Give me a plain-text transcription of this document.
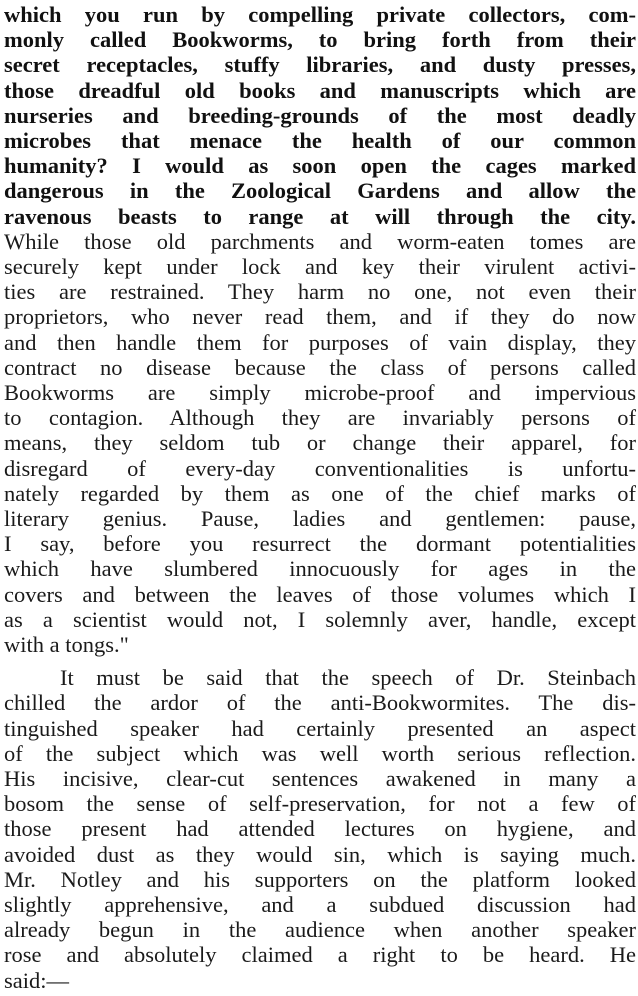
which you run by compelling private collectors, com-
monly called Bookworms, to bring forth from their
secret receptacles, stuffy libraries, and dusty presses,
those dreadful old books and manuscripts which are
nurseries and breeding-grounds of the most deadly
microbes that menace the health of our common
humanity? I would as soon open the cages marked
dangerous in the Zoological Gardens and allow the
ravenous beasts to range at will through the city.
While those old parchments and worm-eaten tomes are
securely kept under lock and key their virulent activi-
ties are restrained. They harm no one, not even their
proprietors, who never read them, and if they do now
and then handle them for purposes of vain display, they
contract no disease because the class of persons called
Bookworms are simply microbe-proof and impervious
to contagion. Although they are invariably persons of
means, they seldom tub or change their apparel, for
disregard of every-day conventionalities is unfortu-
nately regarded by them as one of the chief marks of
literary genius. Pause, ladies and gentlemen: pause,
I say, before you resurrect the dormant potentialities
which have slumbered innocuously for ages in the
covers and between the leaves of those volumes which I
as a scientist would not, I solemnly aver, handle, except
with a tongs."
It must be said that the speech of Dr. Steinbach
chilled the ardor of the anti-Bookwormites. The dis-
tinguished speaker had certainly presented an aspect
of the subject which was well worth serious reflection.
His incisive, clear-cut sentences awakened in many a
bosom the sense of self-preservation, for not a few of
those present had attended lectures on hygiene, and
avoided dust as they would sin, which is saying much.
Mr. Notley and his supporters on the platform looked
slightly apprehensive, and a subdued discussion had
already begun in the audience when another speaker
rose and absolutely claimed a right to be heard. He
said:—
